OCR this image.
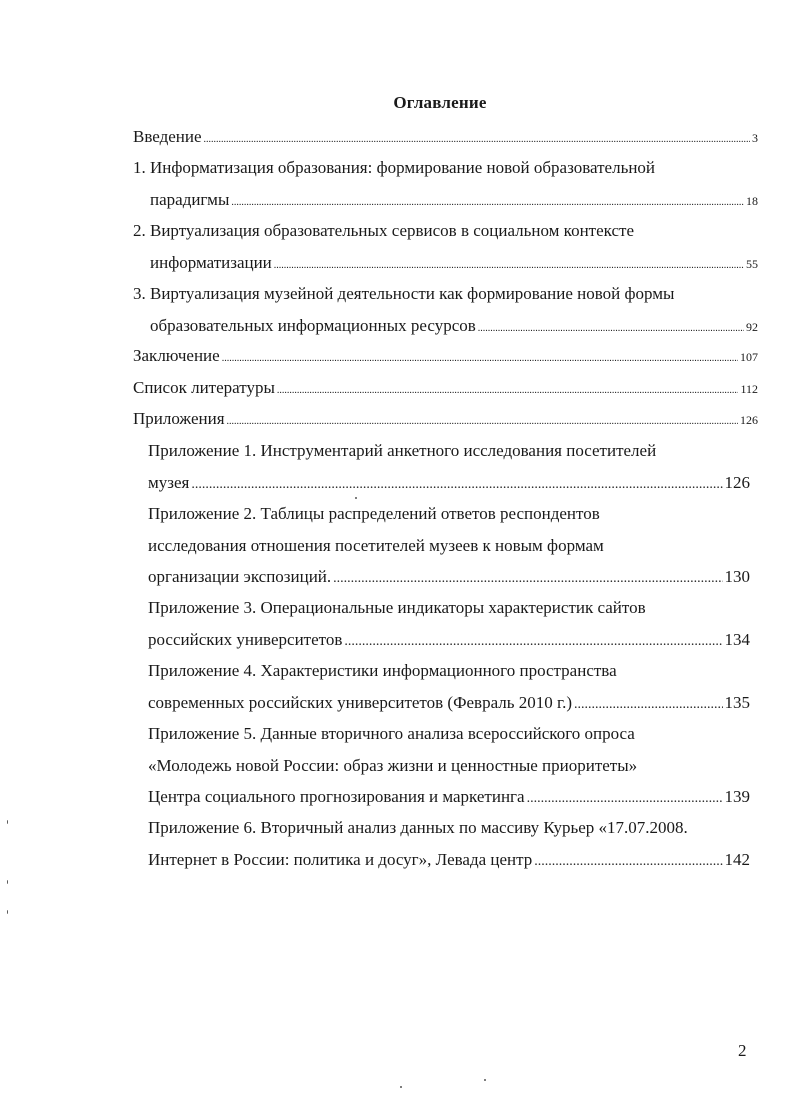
Оглавление
Введение .....	3
1. Информатизация образования: формирование новой образовательной
парадигмы .....	18
2. Виртуализация образовательных сервисов в социальном контексте
информатизации .....	55
3. Виртуализация музейной деятельности как формирование новой формы
образовательных информационных ресурсов .....	92
Заключение .....	107
Список литературы .....	112
Приложения .....	126
Приложение 1. Инструментарий анкетного исследования посетителей
музея .....	126
Приложение 2. Таблицы распределений ответов респондентов
исследования отношения посетителей музеев к новым формам
организации экспозиций. .....	130
Приложение 3. Операциональные индикаторы характеристик сайтов
российских университетов .....	134
Приложение 4. Характеристики информационного пространства
современных российских университетов (Февраль 2010 г.) .....	135
Приложение 5. Данные вторичного анализа всероссийского опроса
«Молодежь новой России: образ жизни и ценностные приоритеты»
Центра социального прогнозирования и маркетинга .....	139
Приложение 6. Вторичный анализ данных по массиву Курьер «17.07.2008.
Интернет в России: политика и досуг», Левада центр .....	142
2
